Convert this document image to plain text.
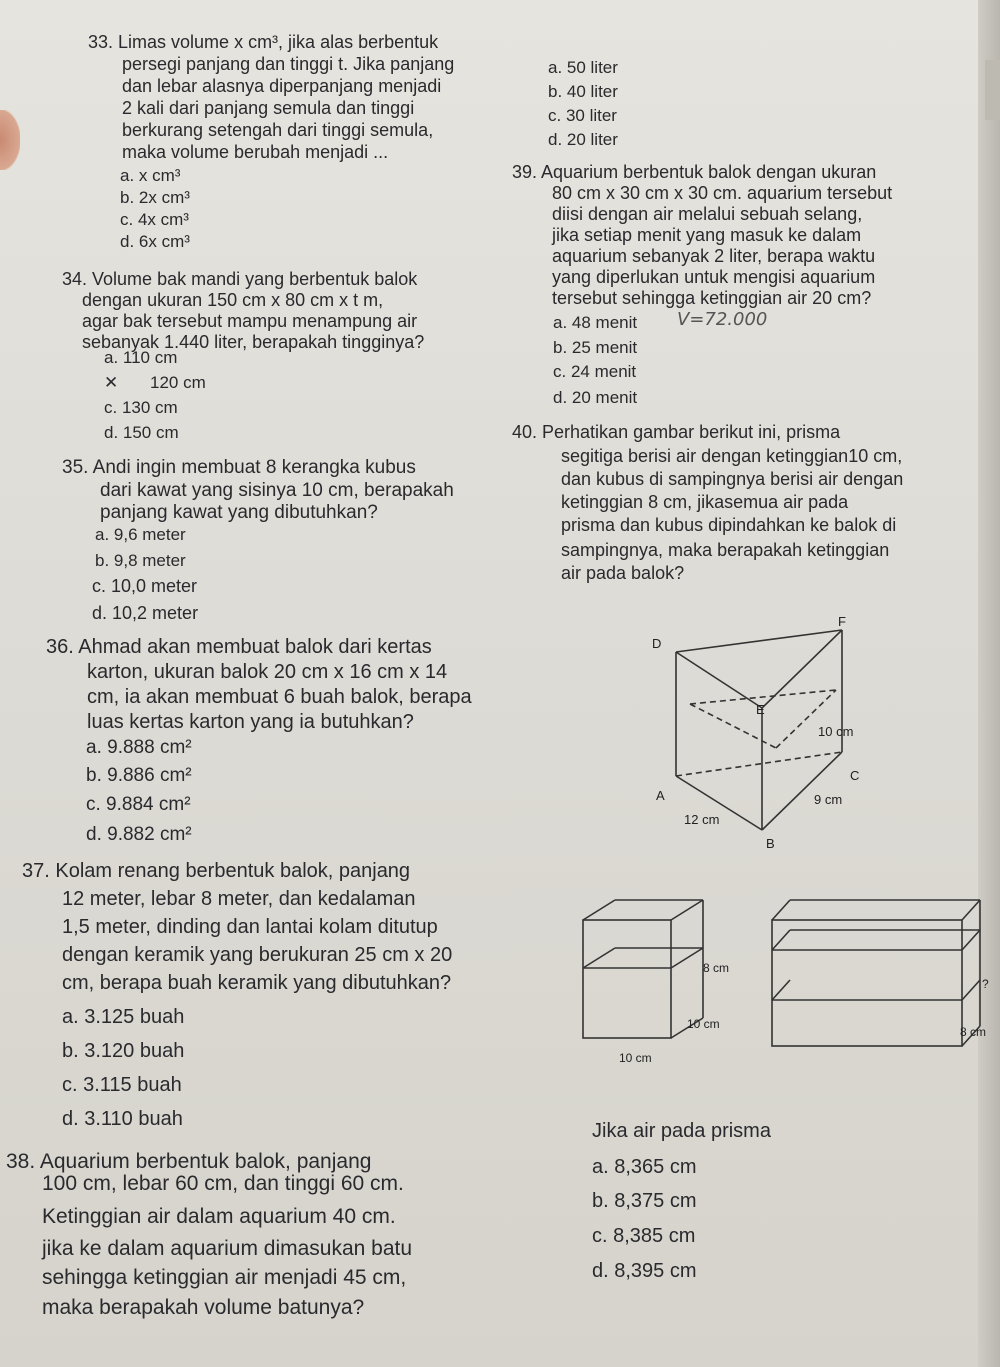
33. Limas volume x cm³, jika alas berbentuk
persegi panjang dan tinggi t. Jika panjang
dan lebar alasnya diperpanjang menjadi
2 kali dari panjang semula dan tinggi
berkurang setengah dari tinggi semula,
maka volume berubah menjadi ...
a. x cm³
b. 2x cm³
c. 4x cm³
d. 6x cm³
a. 50 liter
b. 40 liter
c. 30 liter
d. 20 liter
34. Volume bak mandi yang berbentuk balok
dengan ukuran 150 cm x 80 cm x t m,
agar bak tersebut mampu menampung air
sebanyak 1.440 liter, berapakah tingginya?
a. 110 cm
✕ 120 cm
c. 130 cm
d. 150 cm
35. Andi ingin membuat 8 kerangka kubus
dari kawat yang sisinya 10 cm, berapakah
panjang kawat yang dibutuhkan?
a. 9,6 meter
b. 9,8 meter
c. 10,0 meter
d. 10,2 meter
36. Ahmad akan membuat balok dari kertas
karton, ukuran balok 20 cm x 16 cm x 14
cm, ia akan membuat 6 buah balok, berapa
luas kertas karton yang ia butuhkan?
a. 9.888 cm²
b. 9.886 cm²
c. 9.884 cm²
d. 9.882 cm²
37. Kolam renang berbentuk balok, panjang
12 meter, lebar 8 meter, dan kedalaman
1,5 meter, dinding dan lantai kolam ditutup
dengan keramik yang berukuran 25 cm x 20
cm, berapa buah keramik yang dibutuhkan?
a. 3.125 buah
b. 3.120 buah
c. 3.115 buah
d. 3.110 buah
38. Aquarium berbentuk balok, panjang
100 cm, lebar 60 cm, dan tinggi 60 cm.
Ketinggian air dalam aquarium 40 cm.
jika ke dalam aquarium dimasukan batu
sehingga ketinggian air menjadi 45 cm,
maka berapakah volume batunya?
39. Aquarium berbentuk balok dengan ukuran
80 cm x 30 cm x 30 cm. aquarium tersebut
diisi dengan air melalui sebuah selang,
jika setiap menit yang masuk ke dalam
aquarium sebanyak 2 liter, berapa waktu
yang diperlukan untuk mengisi aquarium
tersebut sehingga ketinggian air 20 cm?
a. 48 menit V=72.000
b. 25 menit
c. 24 menit
d. 20 menit
40. Perhatikan gambar berikut ini, prisma
segitiga berisi air dengan ketinggian10 cm,
dan kubus di sampingnya berisi air dengan
ketinggian 8 cm, jikasemua air pada
prisma dan kubus dipindahkan ke balok di
sampingnya, maka berapakah ketinggian
air pada balok?
F
D
E
A
C
B
10 cm
9 cm
12 cm
8 cm
10 cm
10 cm
?
8 cm
Jika air pada prisma
a. 8,365 cm
b. 8,375 cm
c. 8,385 cm
d. 8,395 cm
